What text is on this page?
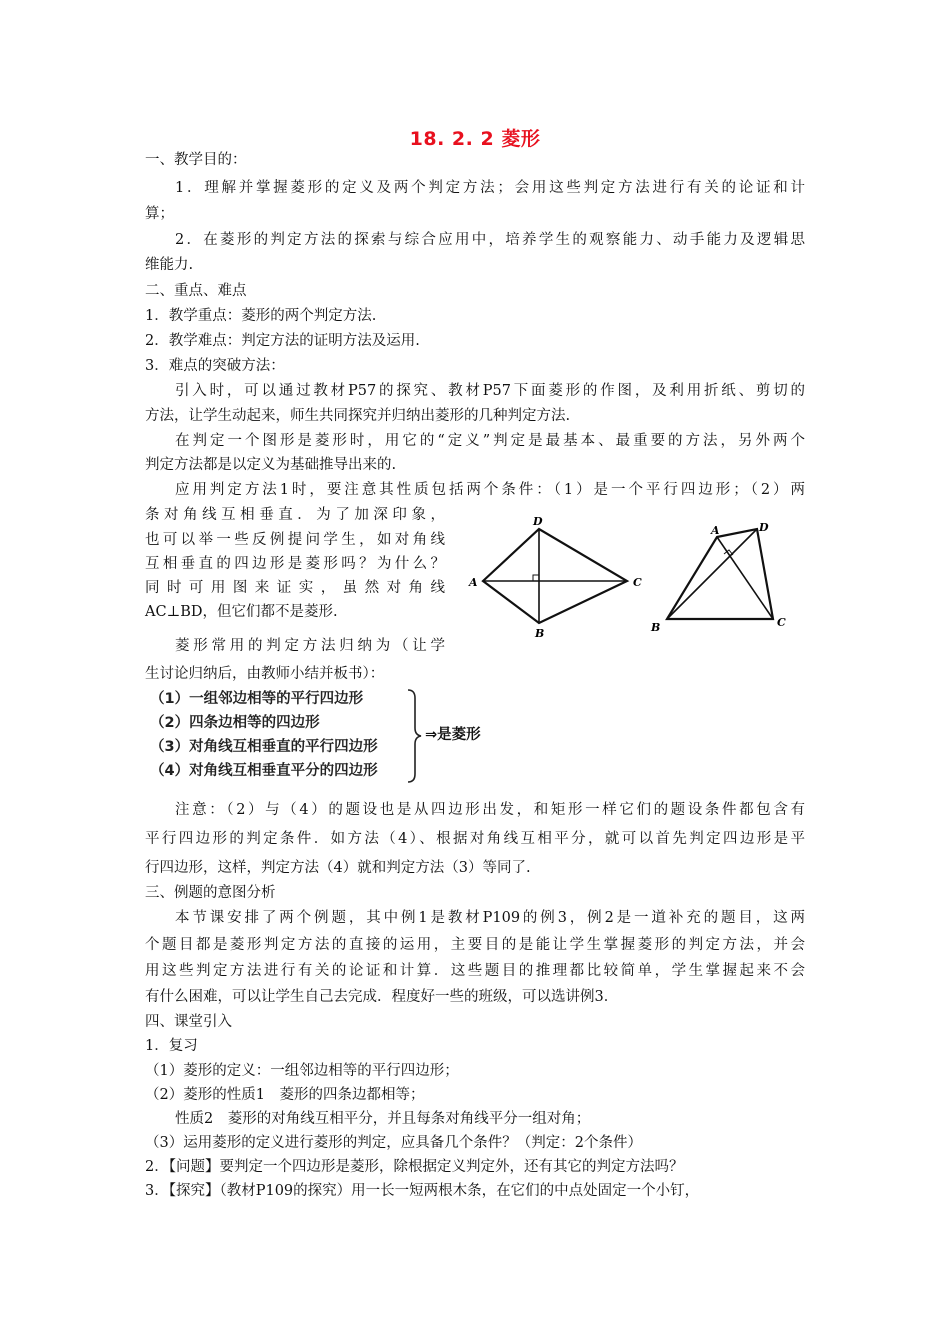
18. 2. 2 菱形
一、教学目的：
1．理解并掌握菱形的定义及两个判定方法；会用这些判定方法进行有关的论证和计
算；
2．在菱形的判定方法的探索与综合应用中，培养学生的观察能力、动手能力及逻辑思
维能力.
二、重点、难点
1．教学重点：菱形的两个判定方法.
2．教学难点：判定方法的证明方法及运用.
3．难点的突破方法：
引入时，可以通过教材P57的探究、教材P57下面菱形的作图，及利用折纸、剪切的
方法，让学生动起来，师生共同探究并归纳出菱形的几种判定方法.
在判定一个图形是菱形时，用它的“定义”判定是最基本、最重要的方法，另外两个
判定方法都是以定义为基础推导出来的.
应用判定方法1时，要注意其性质包括两个条件：（1）是一个平行四边形；（2）两
条对角线互相垂直．为了加深印象，
也可以举一些反例提问学生，如对角线
互相垂直的四边形是菱形吗？为什么？
同时可用图来证实，虽然对角线
AC⊥BD，但它们都不是菱形.
菱形常用的判定方法归纳为（让学
生讨论归纳后，由教师小结并板书）：
D
A	C
B
A	D
B	C
（1）一组邻边相等的平行四边形
（2）四条边相等的四边形
（3）对角线互相垂直的平行四边形
（4）对角线互相垂直平分的四边形
⇒是菱形
注意：（2）与（4）的题设也是从四边形出发，和矩形一样它们的题设条件都包含有
平行四边形的判定条件．如方法（4）、根据对角线互相平分，就可以首先判定四边形是平
行四边形，这样，判定方法（4）就和判定方法（3）等同了.
三、例题的意图分析
本节课安排了两个例题，其中例1是教材P109的例3，例2是一道补充的题目，这两
个题目都是菱形判定方法的直接的运用，主要目的是能让学生掌握菱形的判定方法，并会
用这些判定方法进行有关的论证和计算．这些题目的推理都比较简单，学生掌握起来不会
有什么困难，可以让学生自己去完成．程度好一些的班级，可以选讲例3．
四、课堂引入
1．复习
（1）菱形的定义：一组邻边相等的平行四边形；
（2）菱形的性质1　菱形的四条边都相等；
性质2　菱形的对角线互相平分，并且每条对角线平分一组对角；
（3）运用菱形的定义进行菱形的判定，应具备几个条件？（判定：2个条件）
2．【问题】要判定一个四边形是菱形，除根据定义判定外，还有其它的判定方法吗？
3．【探究】（教材P109的探究）用一长一短两根木条，在它们的中点处固定一个小钉，
